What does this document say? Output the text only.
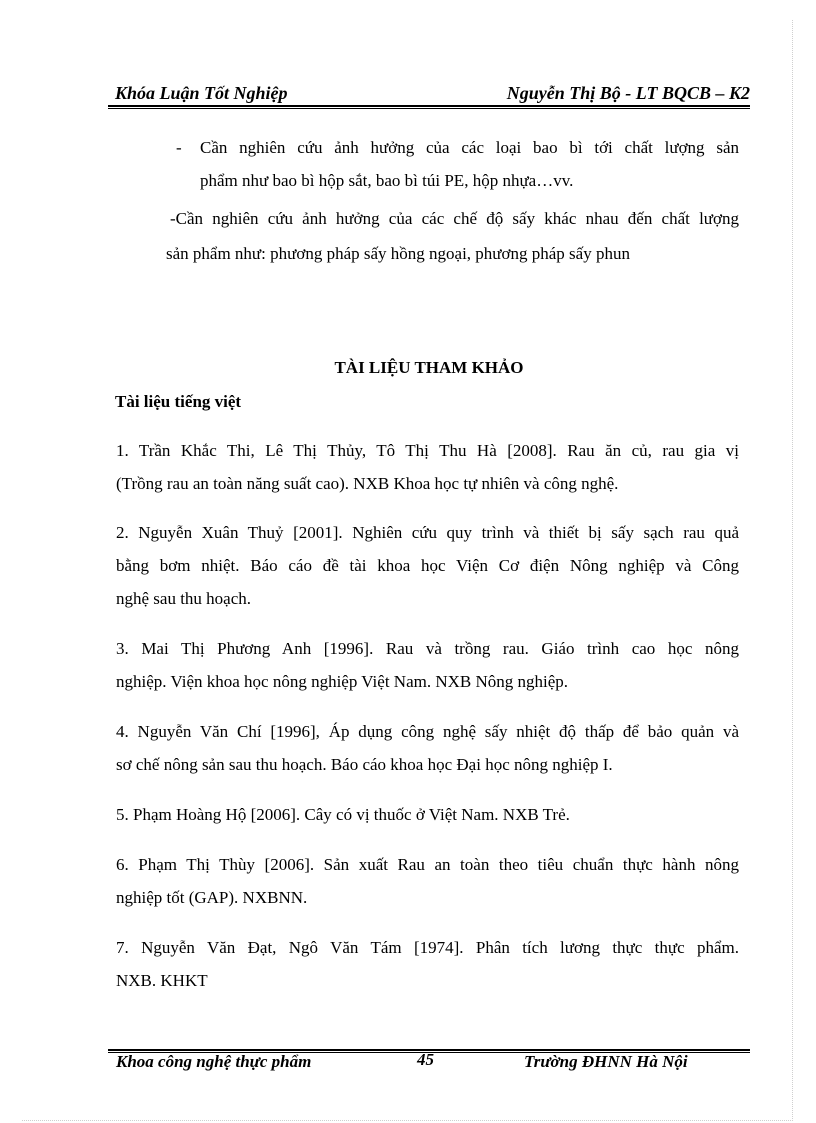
Khóa Luận Tốt Nghiệp	Nguyễn Thị Bộ - LT BQCB – K2
- Cần nghiên cứu ảnh hưởng của các loại bao bì tới chất lượng sản
phẩm như bao bì hộp sắt, bao bì túi PE, hộp nhựa…vv.
-Cần nghiên cứu ảnh hưởng của các chế độ sấy khác nhau đến chất lượng
sản phẩm như: phương pháp sấy hồng ngoại, phương pháp sấy phun
TÀI LIỆU THAM KHẢO
Tài liệu tiếng việt
1. Trần Khắc Thi, Lê Thị Thủy, Tô Thị Thu Hà [2008]. Rau ăn củ, rau gia vị
(Trồng rau an toàn năng suất cao). NXB Khoa học tự nhiên và công nghệ.
2. Nguyễn Xuân Thuỷ [2001]. Nghiên cứu quy trình và thiết bị sấy sạch rau quả
bằng bơm nhiệt. Báo cáo đề tài khoa học Viện Cơ điện Nông nghiệp và Công
nghệ sau thu hoạch.
3. Mai Thị Phương Anh [1996]. Rau và trồng rau. Giáo trình cao học nông
nghiệp. Viện khoa học nông nghiệp Việt Nam. NXB Nông nghiệp.
4. Nguyễn Văn Chí [1996], Áp dụng công nghệ sấy nhiệt độ thấp để bảo quản và
sơ chế nông sản sau thu hoạch. Báo cáo khoa học Đại học nông nghiệp I.
5. Phạm Hoàng Hộ [2006]. Cây có vị thuốc ở Việt Nam. NXB Trẻ.
6. Phạm Thị Thùy [2006]. Sản xuất Rau an toàn theo tiêu chuẩn thực hành nông
nghiệp tốt (GAP). NXBNN.
7. Nguyễn Văn Đạt, Ngô Văn Tám [1974]. Phân tích lương thực thực phẩm.
NXB. KHKT
Khoa công nghệ thực phẩm	45	Trường ĐHNN Hà Nội
